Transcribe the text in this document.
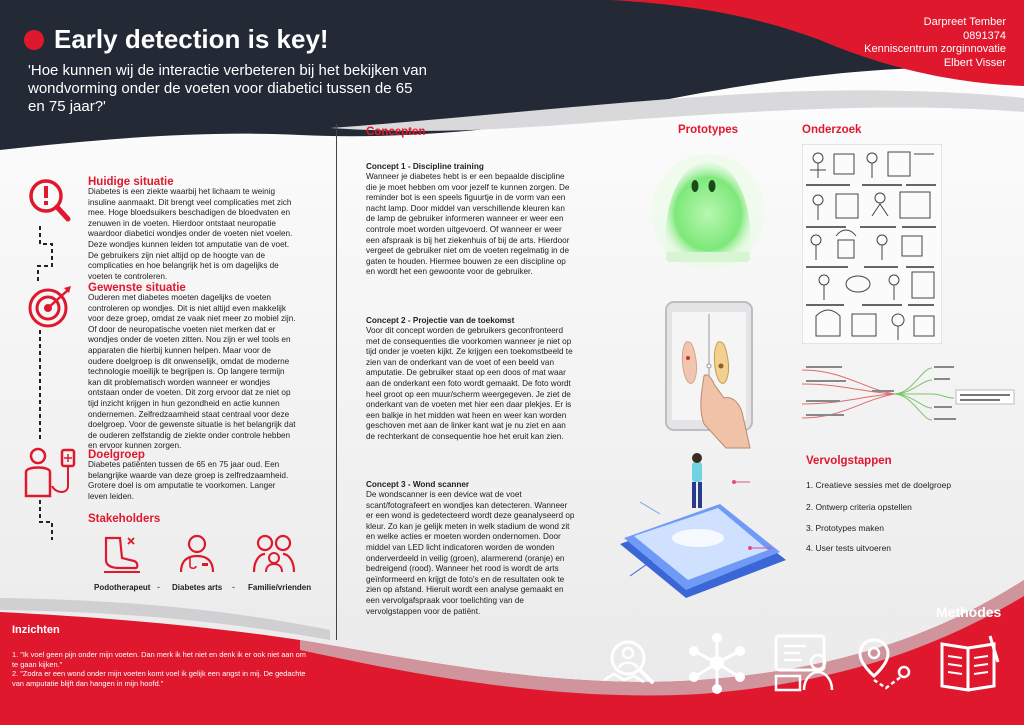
Early detection is key!
'Hoe kunnen wij de interactie verbeteren bij het bekijken van wondvorming onder de voeten voor diabetici tussen de 65 en 75 jaar?'
Darpreet Tember
0891374
Kenniscentrum zorginnovatie
Elbert Visser
Huidige situatie
Diabetes is een ziekte waarbij het lichaam te weinig insuline aanmaakt. Dit brengt veel complicaties met zich mee. Hoge bloedsuikers beschadigen de bloedvaten en zenuwen in de voeten. Hierdoor ontstaat neuropatie waardoor diabetici wondjes onder de voeten niet voelen. Deze wondjes kunnen leiden tot amputatie van de voet. De gebruikers zijn niet altijd op de hoogte van de complicaties en hoe belangrijk het is om dagelijks de voeten te controleren.
Gewenste situatie
Ouderen met diabetes moeten dagelijks de voeten controleren op wondjes. Dit is niet altijd even makkelijk voor deze groep, omdat ze vaak niet meer zo mobiel zijn. Of door de neuropatische voeten niet merken dat er wondjes onder de voeten zitten. Nou zijn er wel tools en apparaten die hierbij kunnen helpen. Maar voor de oudere doelgroep is dit onwenselijk, omdat de moderne technologie moeilijk te begrijpen is. Op langere termijn kan dit problematisch worden wanneer er wondjes ontstaan onder de voeten. Dit zorg ervoor dat ze niet op tijd inzicht krijgen in hun gezondheid en actie kunnen ondernemen. Zelfredzaamheid staat centraal voor deze doelgroep. Voor de gewenste situatie is het belangrijk dat de ouderen zelfstandig de ziekte onder controle hebben en ervoor kunnen zorgen.
Doelgroep
Diabetes patiënten tussen de 65 en 75 jaar oud. Een belangrijke waarde van deze groep is zelfredzaamheid. Grotere doel is om amputatie te voorkomen. Langer leven leiden.
Stakeholders
Podotherapeut - Diabetes arts - Familie/vrienden
Concepten
Concept 1 - Discipline training
Wanneer je diabetes hebt is er een bepaalde discipline die je moet hebben om voor jezelf te kunnen zorgen. De reminder bot is een speels figuurtje in de vorm van een nacht lamp. Door middel van verschillende kleuren kan de lamp de gebruiker informeren wanneer er weer een controle moet worden uitgevoerd. Of wanneer er weer een afspraak is bij het ziekenhuis of bij de arts. Hierdoor vergeet de gebruiker niet om de voeten regelmatig in de gaten te houden. Hiermee bouwen ze een discipline op en wordt het een gewoonte voor de gebruiker.
Concept 2 - Projectie van de toekomst
Voor dit concept worden de gebruikers geconfronteerd met de consequenties die voorkomen wanneer je niet op tijd onder je voeten kijkt. Ze krijgen een toekomstbeeld te zien van de onderkant van de voet of een beeld van amputatie. De gebruiker staat op een doos of mat waar aan de onderkant een foto wordt gemaakt. De foto wordt heel groot op een muur/scherm weergegeven. Je ziet de onderkant van de voeten met hier een daar plekjes. Er is een balkje in het midden wat heen en weer kan worden geschoven met aan de linker kant wat je nu ziet en aan de rechterkant de consequentie hoe het eruit kan zien.
Concept 3 - Wond scanner
De wondscanner is een device wat de voet scant/fotografeert en wondjes kan detecteren. Wanneer er een wond is gedetecteerd wordt deze geanalyseerd op kleur. Zo kan je gelijk meten in welk stadium de wond zit en welke acties er moeten worden ondernomen. Door middel van LED licht indicatoren worden de wonden onderverdeeld in veilig (groen), alarmerend (oranje) en bedreigend (rood). Wanneer het rood is wordt de arts geïnformeerd en krijgt de foto's en de resultaten ook te zien op afstand. Hieruit wordt een analyse gemaakt en een vervolgafspraak voor toelichting van de vervolgstappen voor de patiënt.
Prototypes	Onderzoek
Vervolgstappen
1. Creatieve sessies met de doelgroep
2. Ontwerp criteria opstellen
3. Prototypes maken
4. User tests uitvoeren
Inzichten
1. "Ik voel geen pijn onder mijn voeten. Dan merk ik het niet en denk ik er ook niet aan om te gaan kijken."
2. "Zodra er een wond onder mijn voeten komt voel ik gelijk een angst in mij. De gedachte van amputatie blijft dan hangen in mijn hoofd."
Methodes
